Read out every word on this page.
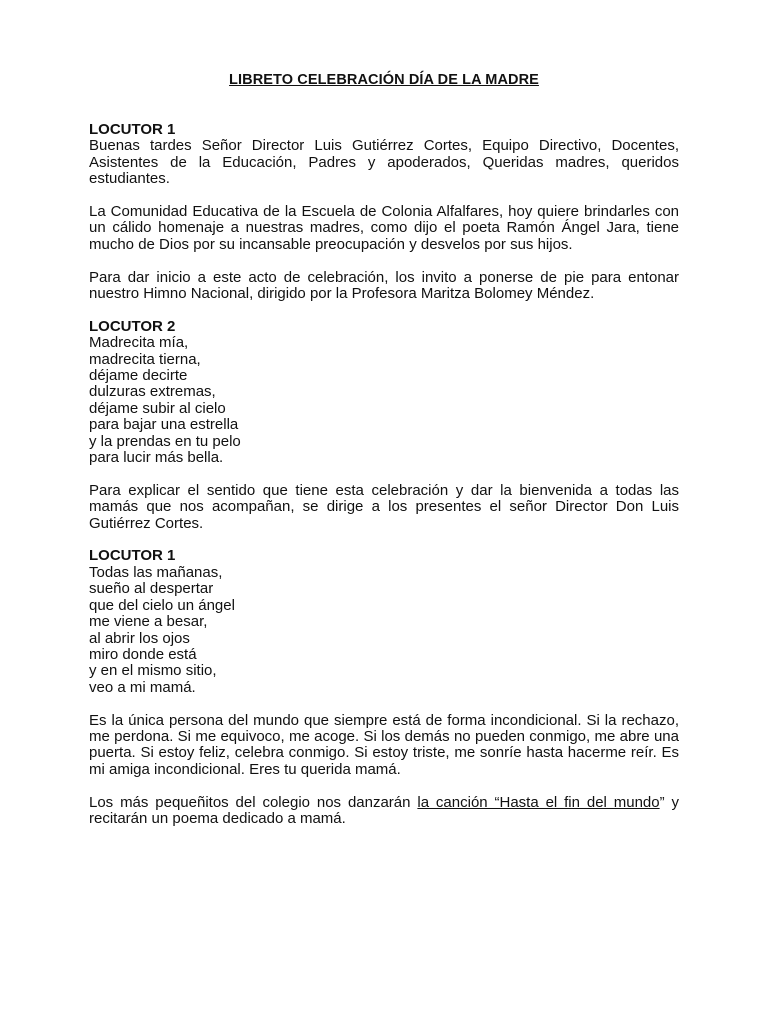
LIBRETO CELEBRACIÓN DÍA DE LA MADRE

LOCUTOR 1

Buenas tardes Señor Director Luis Gutiérrez Cortes, Equipo Directivo, Docentes, Asistentes de la Educación, Padres y apoderados, Queridas madres, queridos estudiantes.

La Comunidad Educativa de la Escuela de Colonia Alfalfares, hoy quiere brindarles con un cálido homenaje a nuestras madres, como dijo el poeta Ramón Ángel Jara, tiene mucho de Dios por su incansable preocupación y desvelos por sus hijos.

Para dar inicio a este acto de celebración, los invito a ponerse de pie para entonar nuestro Himno Nacional, dirigido por la Profesora Maritza Bolomey Méndez.

LOCUTOR 2

Madrecita mía,
madrecita tierna,
déjame decirte
dulzuras extremas,
déjame subir al cielo
para bajar una estrella
y la prendas en tu pelo
para lucir más bella.

Para explicar el sentido que tiene esta celebración y dar la bienvenida a todas las mamás que nos acompañan, se dirige a los presentes el señor Director Don Luis Gutiérrez Cortes.

LOCUTOR 1

Todas las mañanas,
sueño al despertar
que del cielo un ángel
me viene a besar,
al abrir los ojos
miro donde está
y en el mismo sitio,
veo a mi mamá.

Es la única persona del mundo que siempre está de forma incondicional. Si la rechazo, me perdona. Si me equivoco, me acoge. Si los demás no pueden conmigo, me abre una puerta. Si estoy feliz, celebra conmigo. Si estoy triste, me sonríe hasta hacerme reír. Es mi amiga incondicional. Eres tu querida mamá.

Los más pequeñitos del colegio nos danzarán la canción “Hasta el fin del mundo” y recitarán un poema dedicado a mamá.
